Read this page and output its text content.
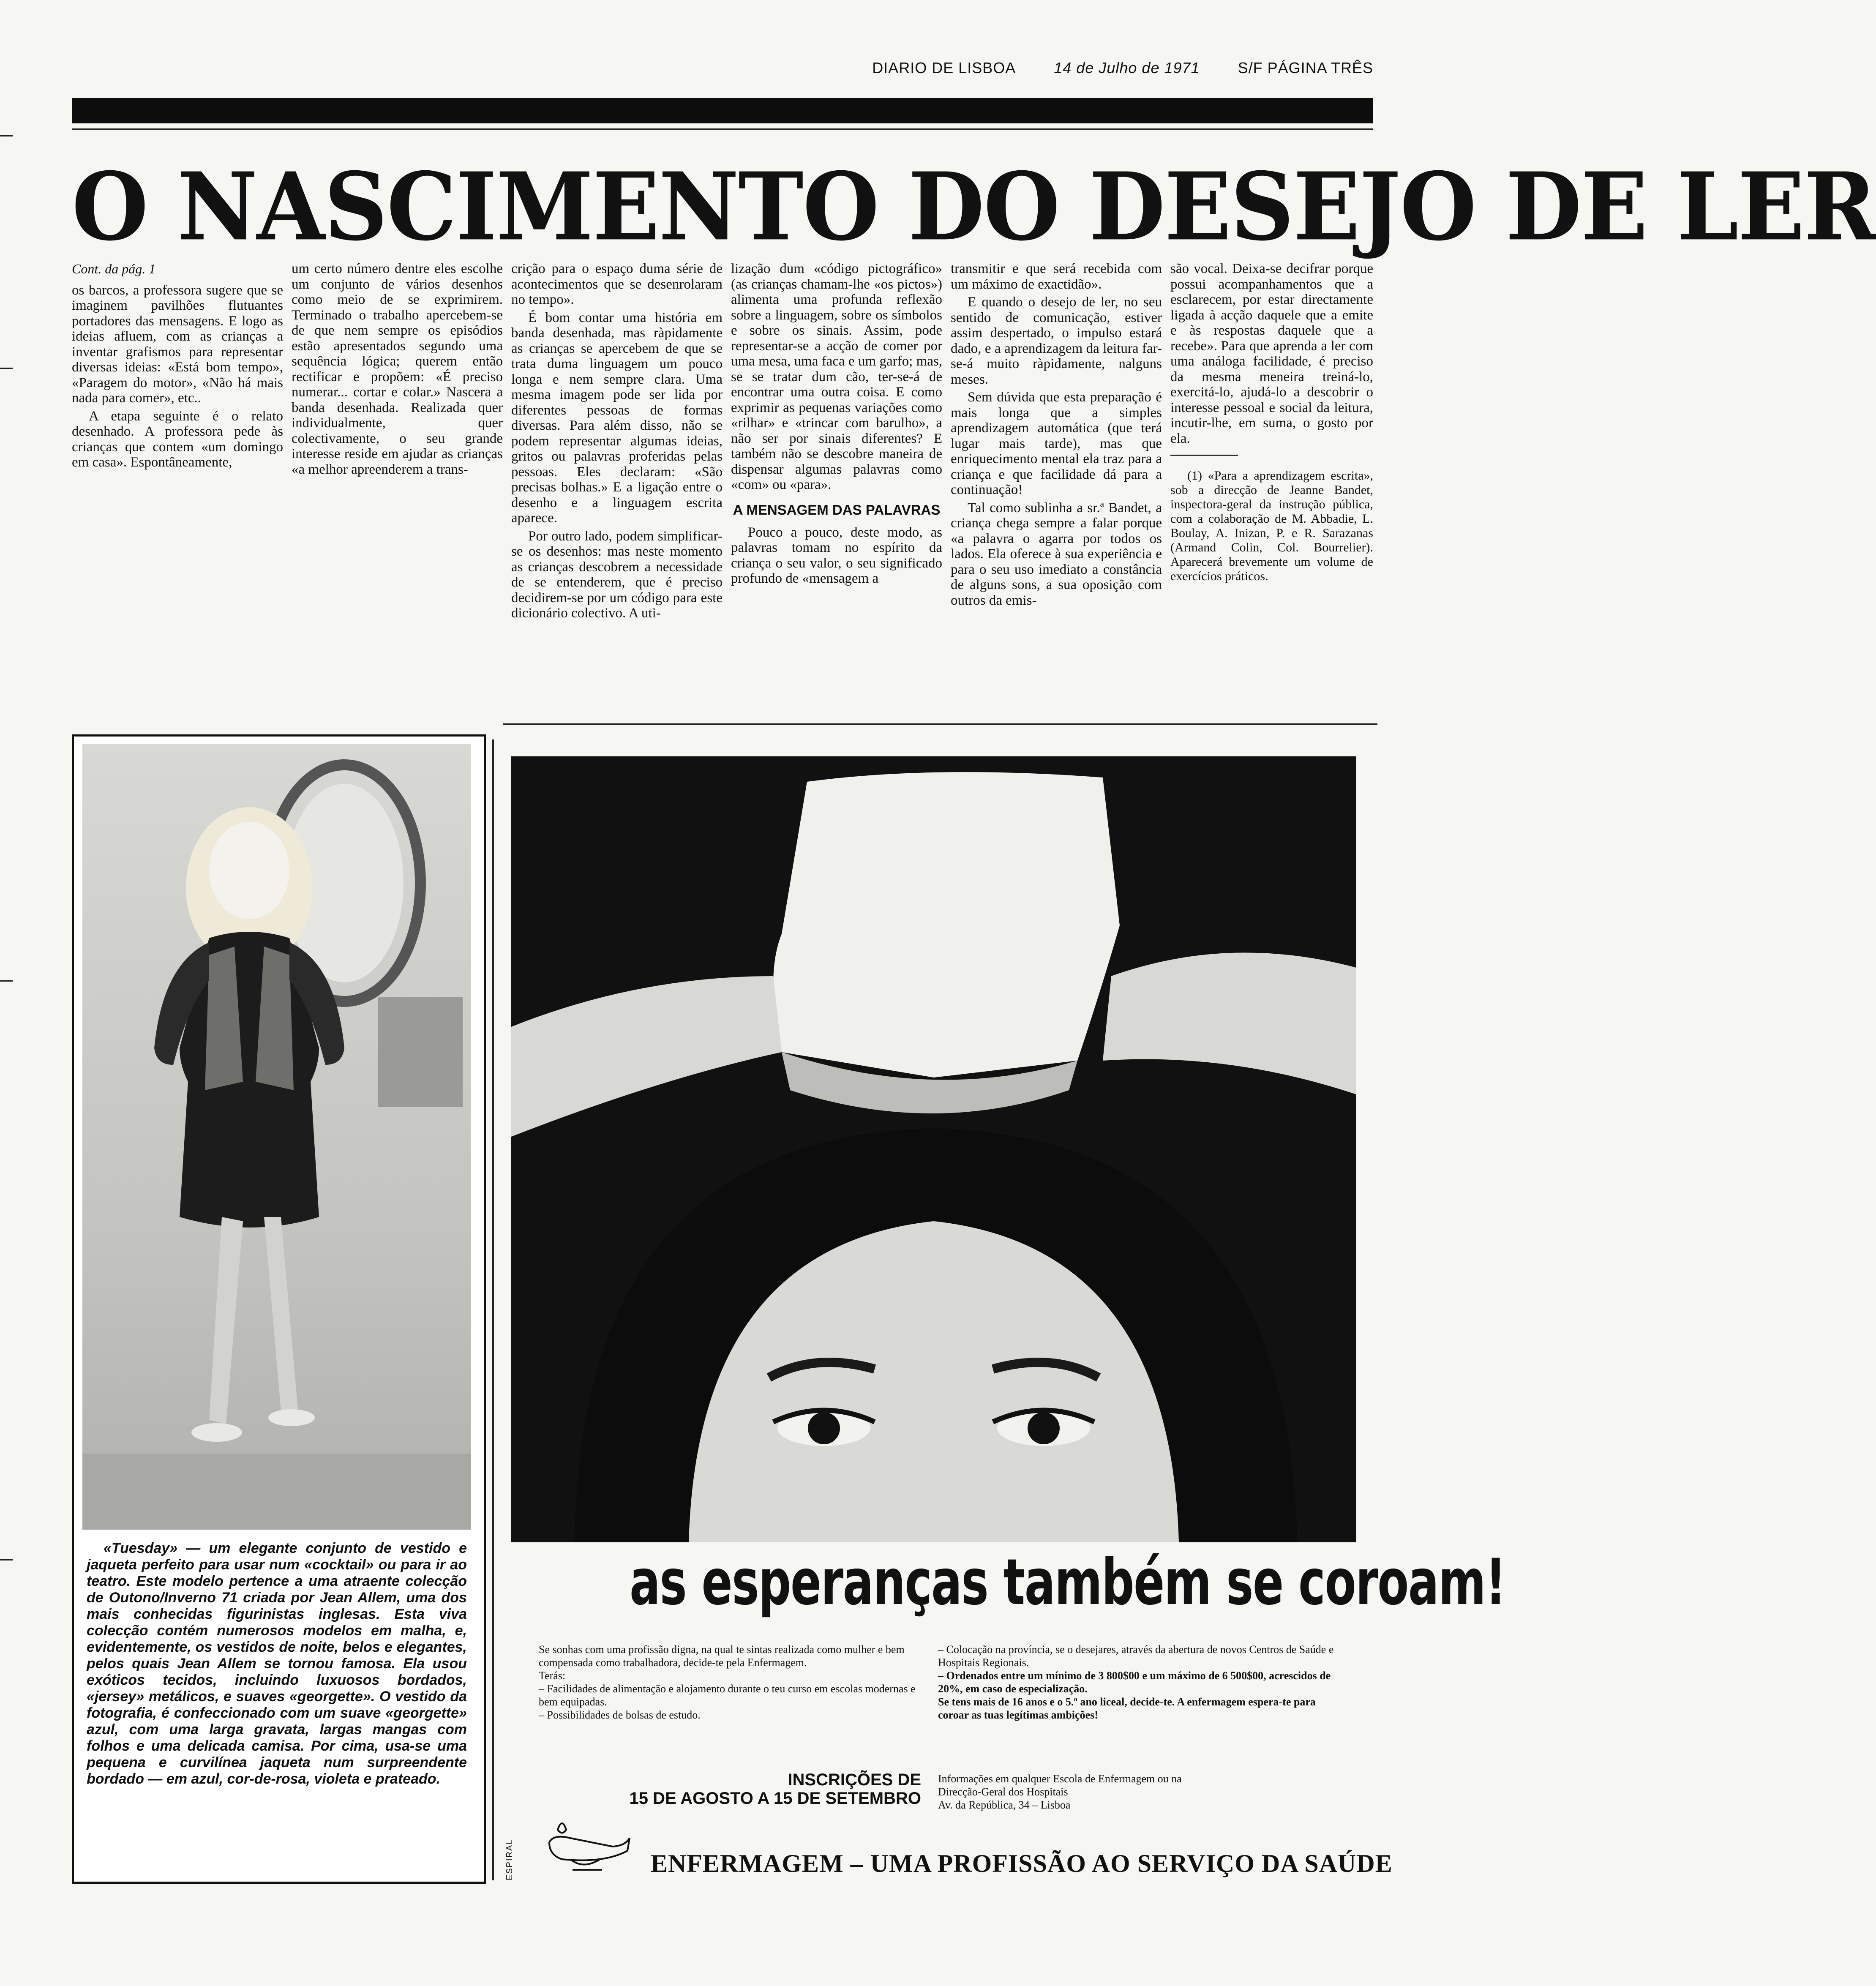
DIARIO DE LISBOA	14 de Julho de 1971	S/F PÁGINA TRÊS
O NASCIMENTO DO DESEJO DE LER
Cont. da pág. 1

os barcos, a professora sugere que se imaginem pavilhões flutuantes portadores das mensagens. E logo as ideias afluem, com as crianças a inventar grafismos para representar diversas ideias: «Está bom tempo», «Paragem do motor», «Não há mais nada para comer», etc..

A etapa seguinte é o relato desenhado. A professora pede às crianças que contem «um domingo em casa». Espontâneamente,

um certo número dentre eles escolhe um conjunto de vários desenhos como meio de se exprimirem. Terminado o trabalho apercebem-se de que nem sempre os episódios estão apresentados segundo uma sequência lógica; querem então rectificar e propõem: «É preciso numerar... cortar e colar.» Nascera a banda desenhada. Realizada quer individualmente, quer colectivamente, o seu grande interesse reside em ajudar as crianças «a melhor apreenderem a trans-

crição para o espaço duma série de acontecimentos que se desenrolaram no tempo».

É bom contar uma história em banda desenhada, mas ràpidamente as crianças se apercebem de que se trata duma linguagem um pouco longa e nem sempre clara. Uma mesma imagem pode ser lida por diferentes pessoas de formas diversas. Para além disso, não se podem representar algumas ideias, gritos ou palavras proferidas pelas pessoas. Eles declaram: «São precisas bolhas.» E a ligação entre o desenho e a linguagem escrita aparece.

Por outro lado, podem simplificar-se os desenhos: mas neste momento as crianças descobrem a necessidade de se entenderem, que é preciso decidirem-se por um código para este dicionário colectivo. A uti-

lização dum «código pictográfico» (as crianças chamam-lhe «os pictos») alimenta uma profunda reflexão sobre a linguagem, sobre os símbolos e sobre os sinais. Assim, pode representar-se a acção de comer por uma mesa, uma faca e um garfo; mas, se se tratar dum cão, ter-se-á de encontrar uma outra coisa. E como exprimir as pequenas variações como «rilhar» e «trincar com barulho», a não ser por sinais diferentes? E também não se descobre maneira de dispensar algumas palavras como «com» ou «para».

A MENSAGEM DAS PALAVRAS

Pouco a pouco, deste modo, as palavras tomam no espírito da criança o seu valor, o seu significado profundo de «mensagem a

transmitir e que será recebida com um máximo de exactidão».

E quando o desejo de ler, no seu sentido de comunicação, estiver assim despertado, o impulso estará dado, e a aprendizagem da leitura far-se-á muito ràpidamente, nalguns meses.

Sem dúvida que esta preparação é mais longa que a simples aprendizagem automática (que terá lugar mais tarde), mas que enriquecimento mental ela traz para a criança e que facilidade dá para a continuação!

Tal como sublinha a sr.ª Bandet, a criança chega sempre a falar porque «a palavra o agarra por todos os lados. Ela oferece à sua experiência e para o seu uso imediato a constância de alguns sons, a sua oposição com outros da emis-

são vocal. Deixa-se decifrar porque possui acompanhamentos que a esclarecem, por estar directamente ligada à acção daquele que a emite e às respostas daquele que a recebe». Para que aprenda a ler com uma análoga facilidade, é preciso da mesma meneira treiná-lo, exercitá-lo, ajudá-lo a descobrir o interesse pessoal e social da leitura, incutir-lhe, em suma, o gosto por ela.

(1) «Para a aprendizagem escrita», sob a direcção de Jeanne Bandet, inspectora-geral da instrução pública, com a colaboração de M. Abbadie, L. Boulay, A. Inizan, P. e R. Sarazanas (Armand Colin, Col. Bourrelier). Aparecerá brevemente um volume de exercícios práticos.

«Tuesday» — um elegante conjunto de vestido e jaqueta perfeito para usar num «cocktail» ou para ir ao teatro. Este modelo pertence a uma atraente colecção de Outono/Inverno 71 criada por Jean Allem, uma dos mais conhecidas figurinistas inglesas. Esta viva colecção contém numerosos modelos em malha, e, evidentemente, os vestidos de noite, belos e elegantes, pelos quais Jean Allem se tornou famosa. Ela usou exóticos tecidos, incluindo luxuosos bordados, «jersey» metálicos, e suaves «georgette». O vestido da fotografia, é confeccionado com um suave «georgette» azul, com uma larga gravata, largas mangas com folhos e uma delicada camisa. Por cima, usa-se uma pequena e curvilínea jaqueta num surpreendente bordado — em azul, cor-de-rosa, violeta e prateado.
as esperanças também se coroam!
Se sonhas com uma profissão digna, na qual te sintas realizada como mulher e bem compensada como trabalhadora, decide-te pela Enfermagem.
Terás:
– Facilidades de alimentação e alojamento durante o teu curso em escolas modernas e bem equipadas.
– Possibilidades de bolsas de estudo.
– Colocação na província, se o desejares, através da abertura de novos Centros de Saúde e Hospitais Regionais.
– Ordenados entre um mínimo de 3 800$00 e um máximo de 6 500$00, acrescidos de 20%, em caso de especialização.
Se tens mais de 16 anos e o 5.º ano liceal, decide-te. A enfermagem espera-te para coroar as tuas legítimas ambições!
INSCRIÇÕES DE
15 DE AGOSTO A 15 DE SETEMBRO
Informações em qualquer Escola de Enfermagem ou na
Direcção-Geral dos Hospitais
Av. da República, 34 – Lisboa
ESPIRAL	ENFERMAGEM – UMA PROFISSÃO AO SERVIÇO DA SAÚDE
